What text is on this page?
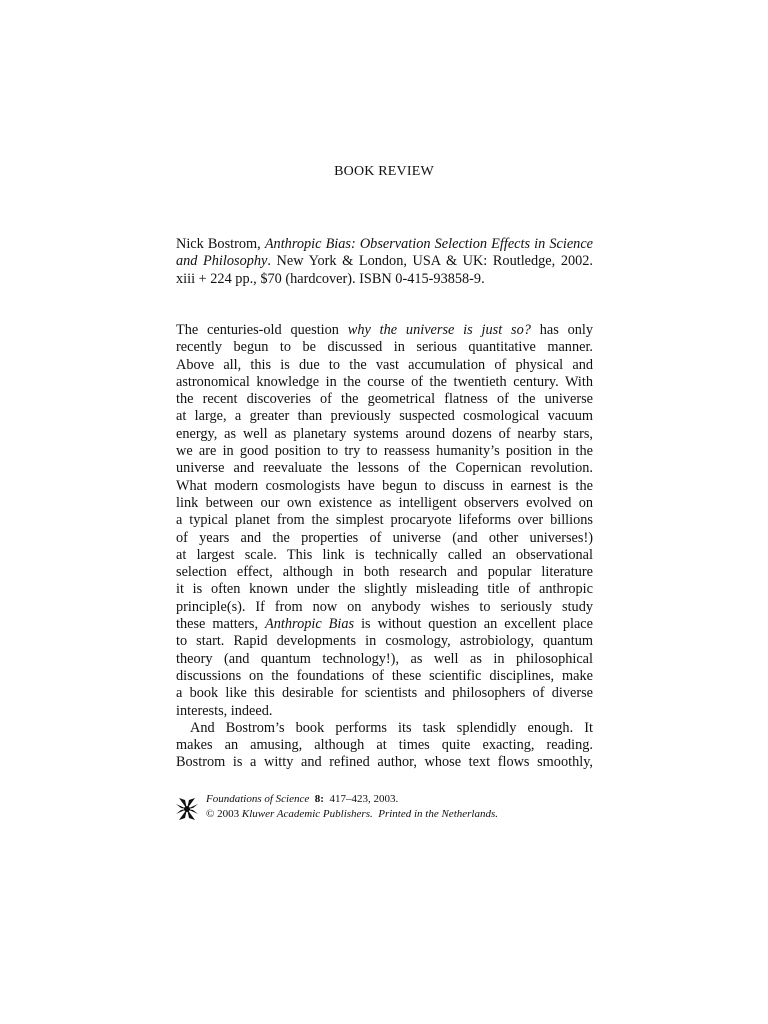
BOOK REVIEW
Nick Bostrom, Anthropic Bias: Observation Selection Effects in Science and Philosophy. New York & London, USA & UK: Routledge, 2002. xiii + 224 pp., $70 (hardcover). ISBN 0-415-93858-9.
The centuries-old question why the universe is just so? has only
recently begun to be discussed in serious quantitative manner.
Above all, this is due to the vast accumulation of physical and
astronomical knowledge in the course of the twentieth century. With
the recent discoveries of the geometrical flatness of the universe
at large, a greater than previously suspected cosmological vacuum
energy, as well as planetary systems around dozens of nearby stars,
we are in good position to try to reassess humanity’s position in the
universe and reevaluate the lessons of the Copernican revolution.
What modern cosmologists have begun to discuss in earnest is the
link between our own existence as intelligent observers evolved on
a typical planet from the simplest procaryote lifeforms over billions
of years and the properties of universe (and other universes!)
at largest scale. This link is technically called an observational
selection effect, although in both research and popular literature
it is often known under the slightly misleading title of anthropic
principle(s). If from now on anybody wishes to seriously study
these matters, Anthropic Bias is without question an excellent place
to start. Rapid developments in cosmology, astrobiology, quantum
theory (and quantum technology!), as well as in philosophical
discussions on the foundations of these scientific disciplines, make
a book like this desirable for scientists and philosophers of diverse
interests, indeed.
And Bostrom’s book performs its task splendidly enough. It
makes an amusing, although at times quite exacting, reading.
Bostrom is a witty and refined author, whose text flows smoothly,
Foundations of Science 8: 417–423, 2003.
© 2003 Kluwer Academic Publishers. Printed in the Netherlands.
